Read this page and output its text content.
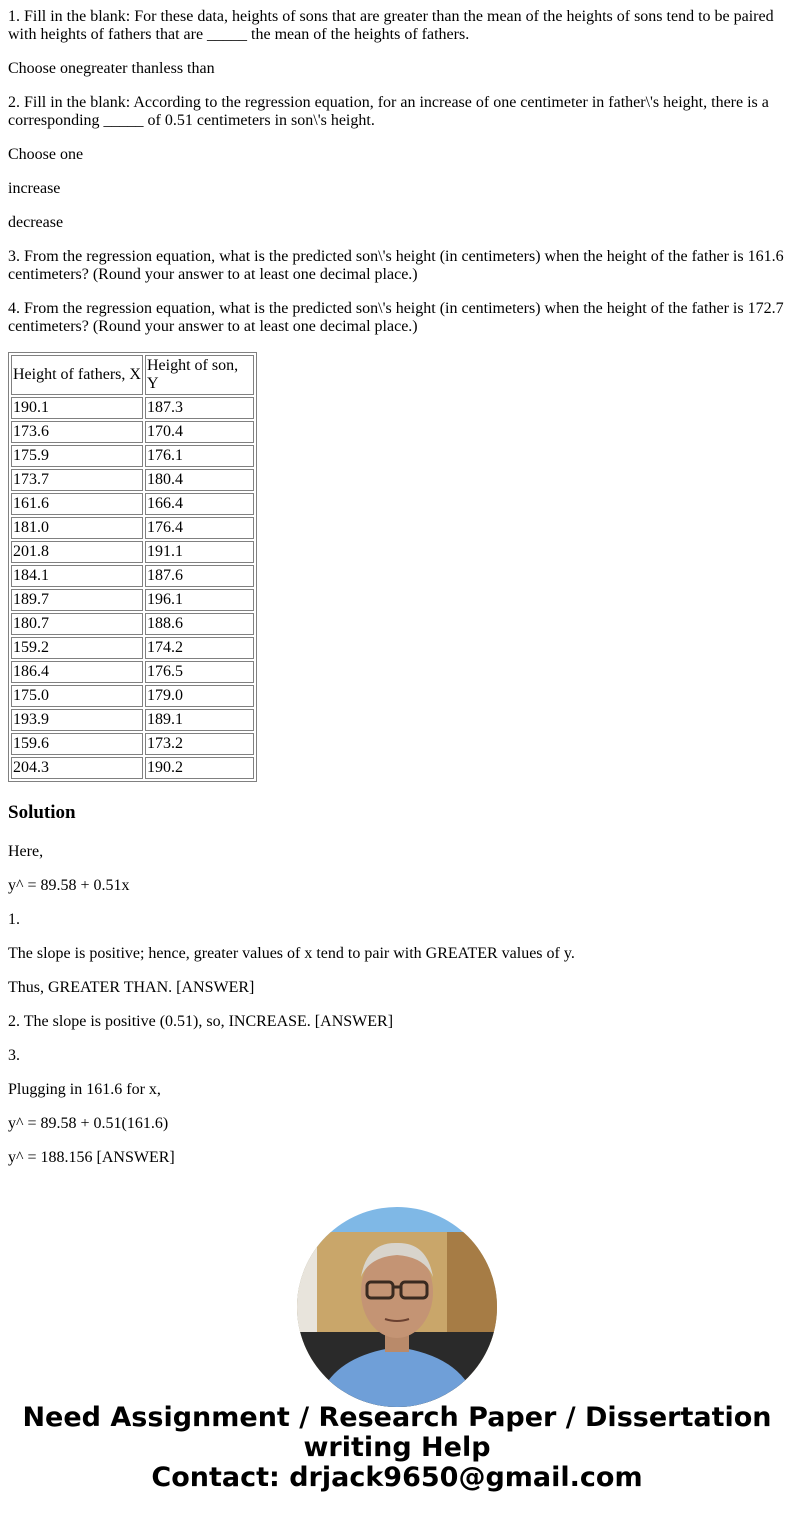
1. Fill in the blank: For these data, heights of sons that are greater than the mean of the heights of sons tend to be paired with heights of fathers that are _____ the mean of the heights of fathers.

Choose onegreater thanless than

2. Fill in the blank: According to the regression equation, for an increase of one centimeter in father\'s height, there is a corresponding _____ of 0.51 centimeters in son\'s height.

Choose one

increase

decrease

3. From the regression equation, what is the predicted son\'s height (in centimeters) when the height of the father is 161.6 centimeters? (Round your answer to at least one decimal place.)

4. From the regression equation, what is the predicted son\'s height (in centimeters) when the height of the father is 172.7 centimeters? (Round your answer to at least one decimal place.)

Height of fathers, X	Height of son, Y
190.1	187.3
173.6	170.4
175.9	176.1
173.7	180.4
161.6	166.4
181.0	176.4
201.8	191.1
184.1	187.6
189.7	196.1
180.7	188.6
159.2	174.2
186.4	176.5
175.0	179.0
193.9	189.1
159.6	173.2
204.3	190.2
Solution

Here,

y^ = 89.58 + 0.51x

1.

The slope is positive; hence, greater values of x tend to pair with GREATER values of y.

Thus, GREATER THAN. [ANSWER]

2. The slope is positive (0.51), so, INCREASE. [ANSWER]

3.

Plugging in 161.6 for x,

y^ = 89.58 + 0.51(161.6)

y^ = 188.156 [ANSWER]

Need Assignment / Research Paper / Dissertation
writing Help
Contact: drjack9650@gmail.com
